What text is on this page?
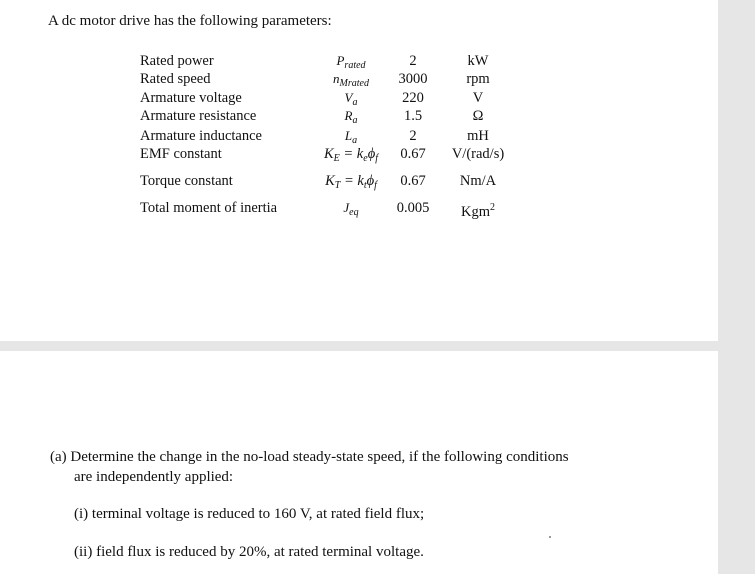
A dc motor drive has the following parameters:
Rated power	$P_{rated}$	2	kW
Rated speed	$n_{Mrated}$	3000	rpm
Armature voltage	$V_a$	220	V
Armature resistance	$R_a$	1.5	Ω
Armature inductance	$L_a$	2	mH
EMF constant	$K_E = k_e\phi_f$	0.67	V/(rad/s)
Torque constant	$K_T = k_t\phi_f$	0.67	Nm/A
Total moment of inertia	$J_{eq}$	0.005	Kgm$^2$
(a) Determine the change in the no-load steady-state speed, if the following conditions
are independently applied:
(i) terminal voltage is reduced to 160 V, at rated field flux;
(ii) field flux is reduced by 20%, at rated terminal voltage.
